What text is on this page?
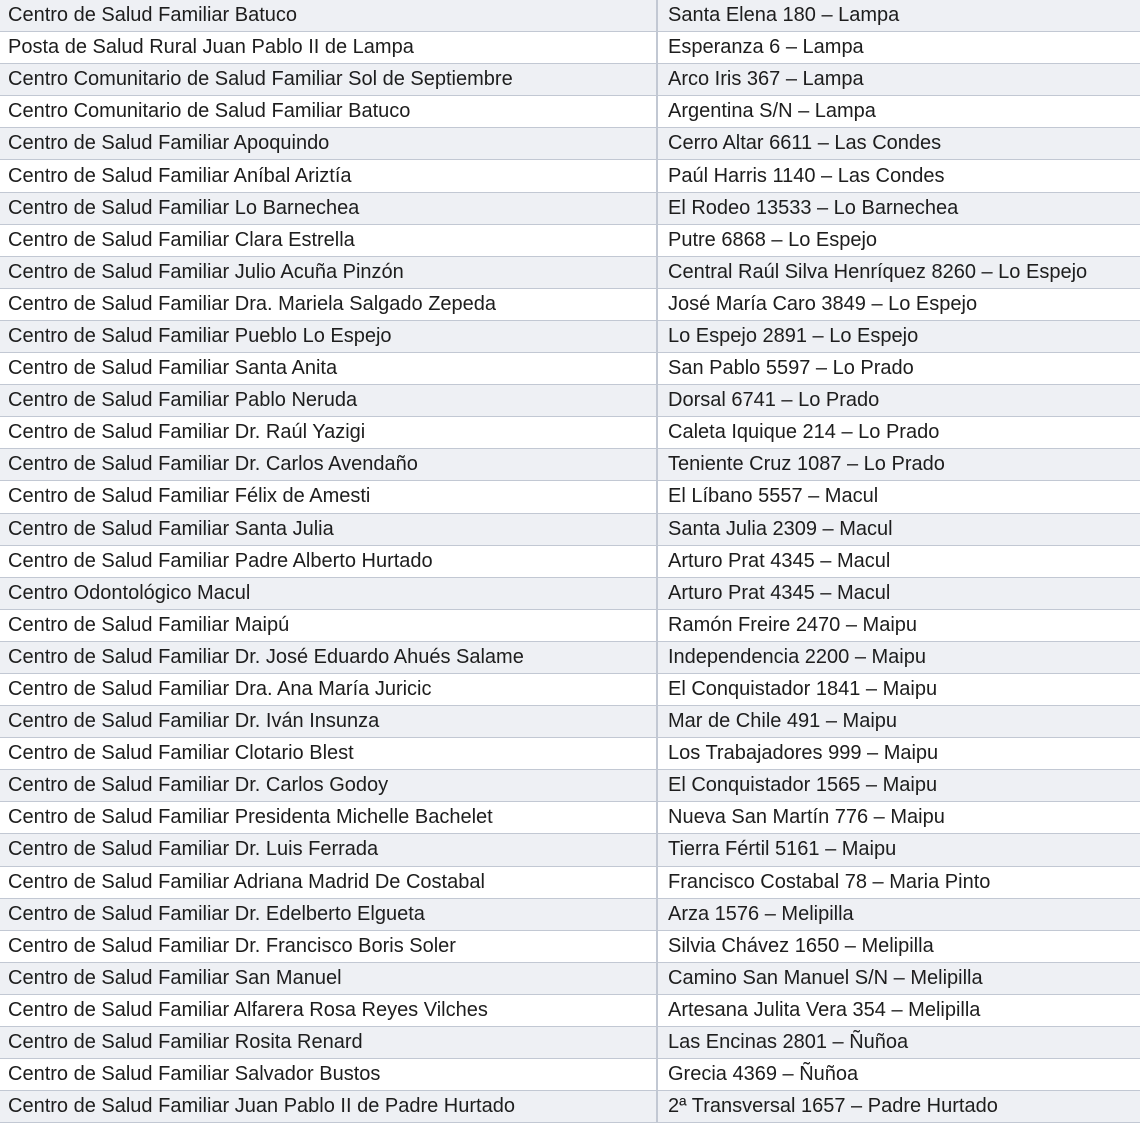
Centro de Salud Familiar Batuco	Santa Elena 180 – Lampa
Posta de Salud Rural Juan Pablo II de Lampa	Esperanza 6 – Lampa
Centro Comunitario de Salud Familiar Sol de Septiembre	Arco Iris 367 – Lampa
Centro Comunitario de Salud Familiar Batuco	Argentina S/N – Lampa
Centro de Salud Familiar Apoquindo	Cerro Altar 6611 – Las Condes
Centro de Salud Familiar Aníbal Ariztía	Paúl Harris 1140 – Las Condes
Centro de Salud Familiar Lo Barnechea	El Rodeo 13533 – Lo Barnechea
Centro de Salud Familiar Clara Estrella	Putre 6868 – Lo Espejo
Centro de Salud Familiar Julio Acuña Pinzón	Central Raúl Silva Henríquez 8260 – Lo Espejo
Centro de Salud Familiar Dra. Mariela Salgado Zepeda	José María Caro 3849 – Lo Espejo
Centro de Salud Familiar Pueblo Lo Espejo	Lo Espejo 2891 – Lo Espejo
Centro de Salud Familiar Santa Anita	San Pablo 5597 – Lo Prado
Centro de Salud Familiar Pablo Neruda	Dorsal 6741 – Lo Prado
Centro de Salud Familiar Dr. Raúl Yazigi	Caleta Iquique 214 – Lo Prado
Centro de Salud Familiar Dr. Carlos Avendaño	Teniente Cruz 1087 – Lo Prado
Centro de Salud Familiar Félix de Amesti	El Líbano 5557 – Macul
Centro de Salud Familiar Santa Julia	Santa Julia 2309 – Macul
Centro de Salud Familiar Padre Alberto Hurtado	Arturo Prat 4345 – Macul
Centro Odontológico Macul	Arturo Prat 4345 – Macul
Centro de Salud Familiar Maipú	Ramón Freire 2470 – Maipu
Centro de Salud Familiar Dr. José Eduardo Ahués Salame	Independencia 2200 – Maipu
Centro de Salud Familiar Dra. Ana María Juricic	El Conquistador 1841 – Maipu
Centro de Salud Familiar Dr. Iván Insunza	Mar de Chile 491 – Maipu
Centro de Salud Familiar Clotario Blest	Los Trabajadores 999 – Maipu
Centro de Salud Familiar Dr. Carlos Godoy	El Conquistador 1565 – Maipu
Centro de Salud Familiar Presidenta Michelle Bachelet	Nueva San Martín 776 – Maipu
Centro de Salud Familiar Dr. Luis Ferrada	Tierra Fértil 5161 – Maipu
Centro de Salud Familiar Adriana Madrid De Costabal	Francisco Costabal 78 – Maria Pinto
Centro de Salud Familiar Dr. Edelberto Elgueta	Arza 1576 – Melipilla
Centro de Salud Familiar Dr. Francisco Boris Soler	Silvia Chávez 1650 – Melipilla
Centro de Salud Familiar San Manuel	Camino San Manuel S/N – Melipilla
Centro de Salud Familiar Alfarera Rosa Reyes Vilches	Artesana Julita Vera 354 – Melipilla
Centro de Salud Familiar Rosita Renard	Las Encinas 2801 – Ñuñoa
Centro de Salud Familiar Salvador Bustos	Grecia 4369 – Ñuñoa
Centro de Salud Familiar Juan Pablo II de Padre Hurtado	2ª Transversal 1657 – Padre Hurtado
